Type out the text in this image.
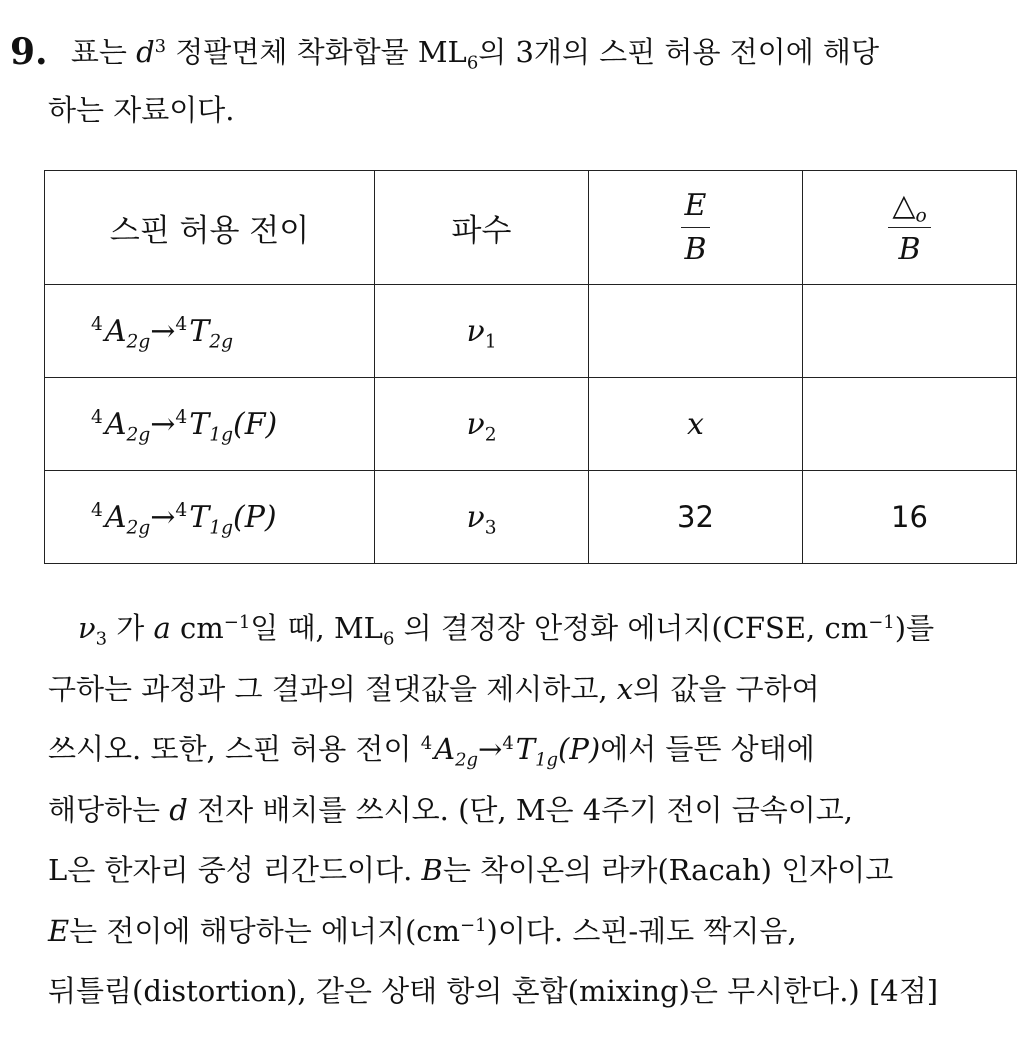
9. 표는 $d^3$ 정팔면체 착화합물 $ML_6$의 3개의 스핀 허용 전이에 해당
하는 자료이다.
스핀 허용 전이	파수	$\frac{E}{B}$	$\frac{\triangle_o}{B}$

$^4A_{2g}\to^4T_{2g}$	$\nu_1$		
$^4A_{2g}\to^4T_{1g}(F)$	$\nu_2$	x	
$^4A_{2g}\to^4T_{1g}(P)$	$\nu_3$	32	16
$\nu_3$ 가 a $cm^{-1}$일 때, $ML_6$ 의 결정장 안정화 에너지(CFSE, $cm^{-1}$)를
구하는 과정과 그 결과의 절댓값을 제시하고, x의 값을 구하여
쓰시오. 또한, 스핀 허용 전이 $^4A_{2g}\to^4T_{1g}(P)$에서 들뜬 상태에
해당하는 d 전자 배치를 쓰시오. (단, M은 4주기 전이 금속이고,
L은 한자리 중성 리간드이다. B는 착이온의 라카(Racah) 인자이고
E는 전이에 해당하는 에너지$(cm^{-1})$이다. 스핀-궤도 짝지음,
뒤틀림(distortion), 같은 상태 항의 혼합(mixing)은 무시한다.) [4점]
